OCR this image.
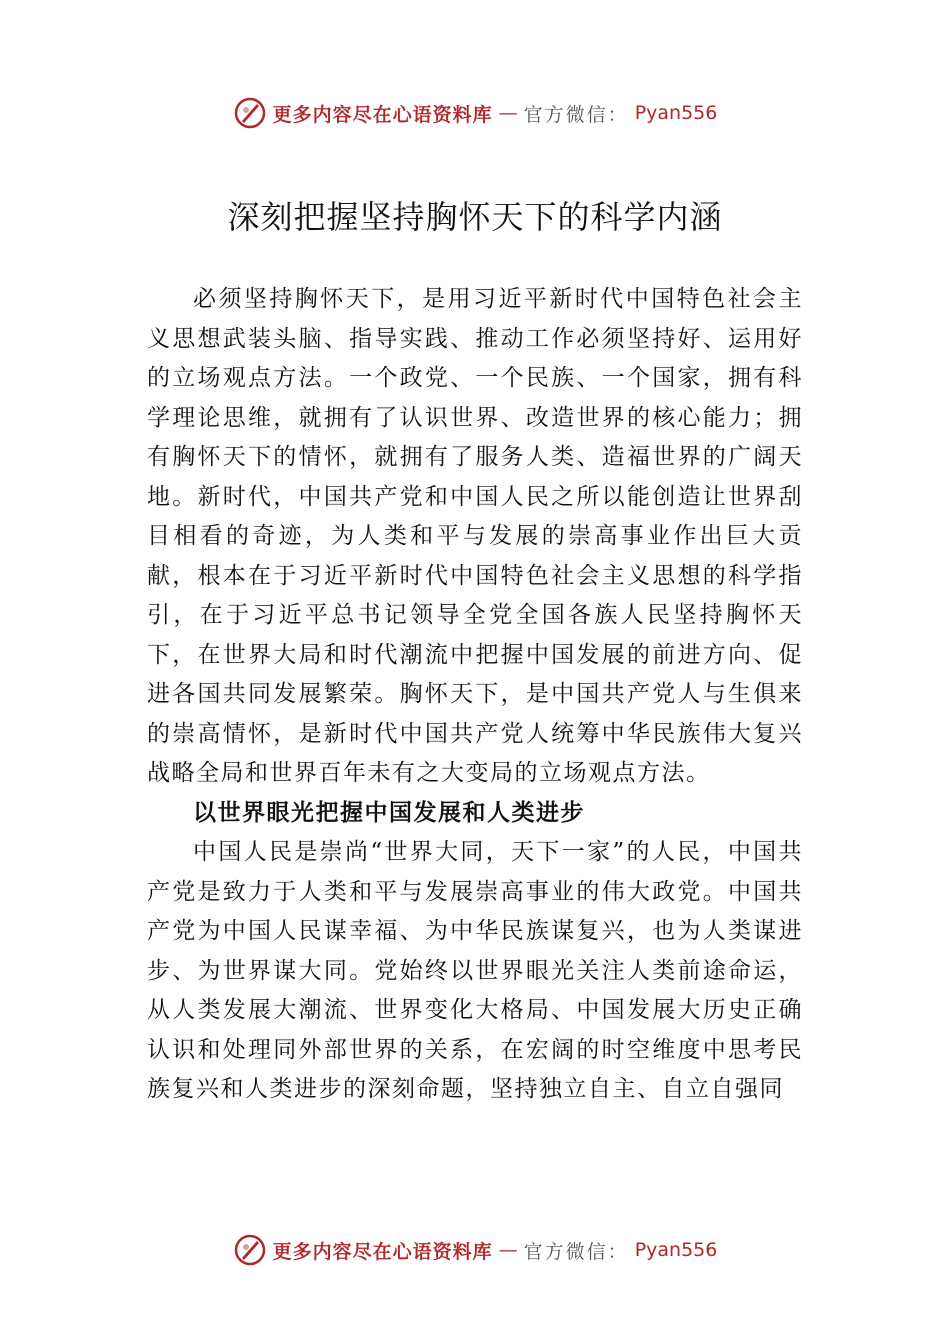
更多内容尽在心语资料库 — 官方微信： Pyan556
深刻把握坚持胸怀天下的科学内涵

必须坚持胸怀天下，是用习近平新时代中国特色社会主义思想武装头脑、指导实践、推动工作必须坚持好、运用好的立场观点方法。一个政党、一个民族、一个国家，拥有科学理论思维，就拥有了认识世界、改造世界的核心能力；拥有胸怀天下的情怀，就拥有了服务人类、造福世界的广阔天地。新时代，中国共产党和中国人民之所以能创造让世界刮目相看的奇迹，为人类和平与发展的崇高事业作出巨大贡献，根本在于习近平新时代中国特色社会主义思想的科学指引，在于习近平总书记领导全党全国各族人民坚持胸怀天下，在世界大局和时代潮流中把握中国发展的前进方向、促进各国共同发展繁荣。胸怀天下，是中国共产党人与生俱来的崇高情怀，是新时代中国共产党人统筹中华民族伟大复兴战略全局和世界百年未有之大变局的立场观点方法。

以世界眼光把握中国发展和人类进步

中国人民是崇尚“世界大同，天下一家”的人民，中国共产党是致力于人类和平与发展崇高事业的伟大政党。中国共产党为中国人民谋幸福、为中华民族谋复兴，也为人类谋进步、为世界谋大同。党始终以世界眼光关注人类前途命运， 从人类发展大潮流、世界变化大格局、中国发展大历史正确认识和处理同外部世界的关系，在宏阔的时空维度中思考民族复兴和人类进步的深刻命题，坚持独立自主、自立自强同

更多内容尽在心语资料库 — 官方微信： Pyan556
